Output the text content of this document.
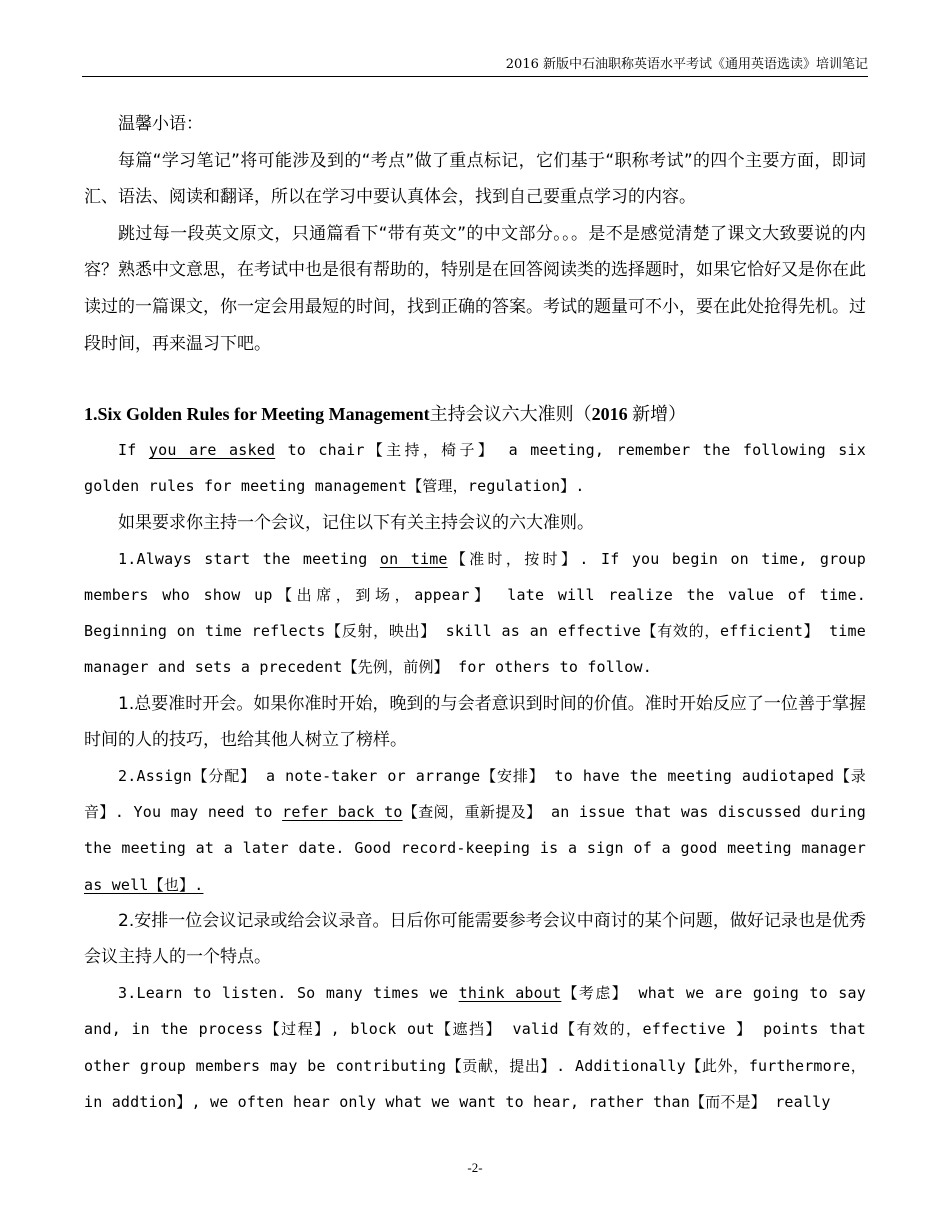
2016 新版中石油职称英语水平考试《通用英语选读》培训笔记

温馨小语：

每篇“学习笔记”将可能涉及到的“考点”做了重点标记，它们基于“职称考试”的四个主要方面，即词汇、语法、阅读和翻译，所以在学习中要认真体会，找到自己要重点学习的内容。

跳过每一段英文原文，只通篇看下“带有英文”的中文部分。。。是不是感觉清楚了课文大致要说的内容？熟悉中文意思，在考试中也是很有帮助的，特别是在回答阅读类的选择题时，如果它恰好又是你在此读过的一篇课文，你一定会用最短的时间，找到正确的答案。考试的题量可不小，要在此处抢得先机。过段时间，再来温习下吧。

1.Six Golden Rules for Meeting Management主持会议六大准则（2016 新增）

If you are asked to chair【主持，椅子】 a meeting, remember the following six golden rules for meeting management【管理，regulation】.

如果要求你主持一个会议，记住以下有关主持会议的六大准则。

1.Always start the meeting on time【准时，按时】. If you begin on time, group members who show up【出席，到场，appear】 late will realize the value of time. Beginning on time reflects【反射，映出】 skill as an effective【有效的，efficient】 time manager and sets a precedent【先例，前例】 for others to follow.

1.总要准时开会。如果你准时开始，晚到的与会者意识到时间的价值。准时开始反应了一位善于掌握时间的人的技巧，也给其他人树立了榜样。

2.Assign【分配】 a note-taker or arrange【安排】 to have the meeting audiotaped【录音】. You may need to refer back to【查阅，重新提及】 an issue that was discussed during the meeting at a later date. Good record-keeping is a sign of a good meeting manager as well【也】.

2.安排一位会议记录或给会议录音。日后你可能需要参考会议中商讨的某个问题，做好记录也是优秀会议主持人的一个特点。

3.Learn to listen. So many times we think about【考虑】 what we are going to say and, in the process【过程】, block out【遮挡】 valid【有效的，effective 】 points that other group members may be contributing【贡献，提出】. Additionally【此外，furthermore，in addtion】, we often hear only what we want to hear, rather than【而不是】 really

-2-
